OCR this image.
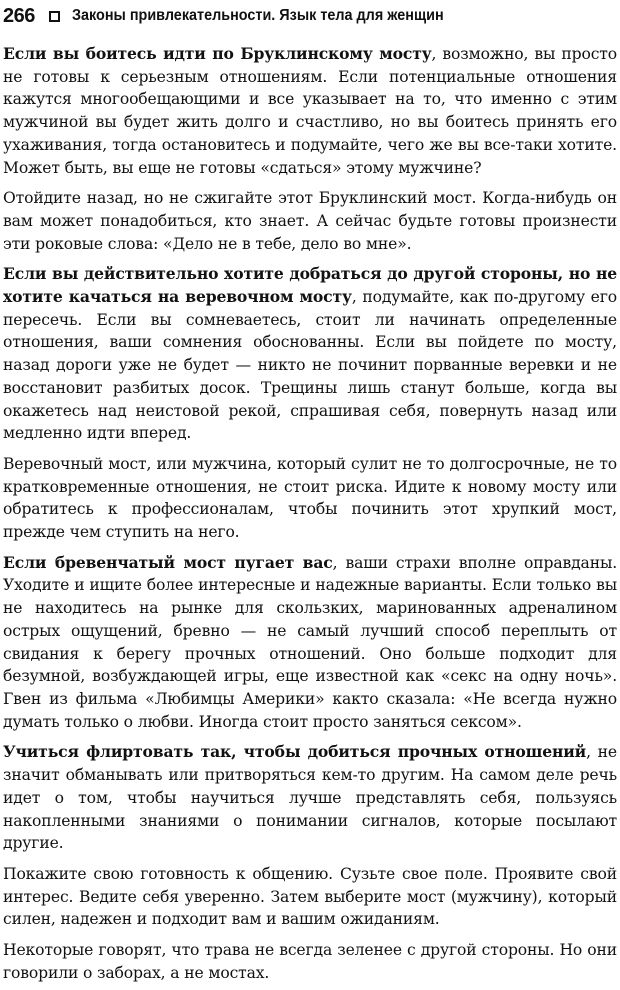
266 Законы привлекательности. Язык тела для женщин

Если вы боитесь идти по Бруклинскому мосту, возможно, вы просто не готовы к серьезным отношениям. Если потенциальные отношения кажутся многообещающими и все указывает на то, что именно с этим мужчиной вы будет жить долго и счастливо, но вы боитесь принять его ухаживания, тогда остановитесь и подумайте, чего же вы все-таки хотите. Может быть, вы еще не готовы «сдаться» этому мужчине?

Отойдите назад, но не сжигайте этот Бруклинский мост. Когда-нибудь он вам может понадобиться, кто знает. А сейчас будьте готовы произнести эти роковые слова: «Дело не в тебе, дело во мне».

Если вы действительно хотите добраться до другой стороны, но не хотите качаться на веревочном мосту, подумайте, как по-другому его пересечь. Если вы сомневаетесь, стоит ли начинать определенные отношения, ваши сомнения обоснованны. Если вы пойдете по мосту, назад дороги уже не будет — никто не починит порванные веревки и не восстановит разбитых досок. Трещины лишь станут больше, когда вы окажетесь над неистовой рекой, спрашивая себя, повернуть назад или медленно идти вперед.

Веревочный мост, или мужчина, который сулит не то долгосрочные, не то кратковременные отношения, не стоит риска. Идите к новому мосту или обратитесь к профессионалам, чтобы починить этот хрупкий мост, прежде чем ступить на него.

Если бревенчатый мост пугает вас, ваши страхи вполне оправданы. Уходите и ищите более интересные и надежные варианты. Если только вы не находитесь на рынке для скользких, маринованных адреналином острых ощущений, бревно — не самый лучший способ переплыть от свидания к берегу прочных отношений. Оно больше подходит для безумной, возбуждающей игры, еще известной как «секс на одну ночь». Гвен из фильма «Любимцы Америки» както сказала: «Не всегда нужно думать только о любви. Иногда стоит просто заняться сексом».

Учиться флиртовать так, чтобы добиться прочных отношений, не значит обманывать или притворяться кем-то другим. На самом деле речь идет о том, чтобы научиться лучше представлять себя, пользуясь накопленными знаниями о понимании сигналов, которые посылают другие.

Покажите свою готовность к общению. Сузьте свое поле. Проявите свой интерес. Ведите себя уверенно. Затем выберите мост (мужчину), который силен, надежен и подходит вам и вашим ожиданиям.

Некоторые говорят, что трава не всегда зеленее с другой стороны. Но они говорили о заборах, а не мостах.
